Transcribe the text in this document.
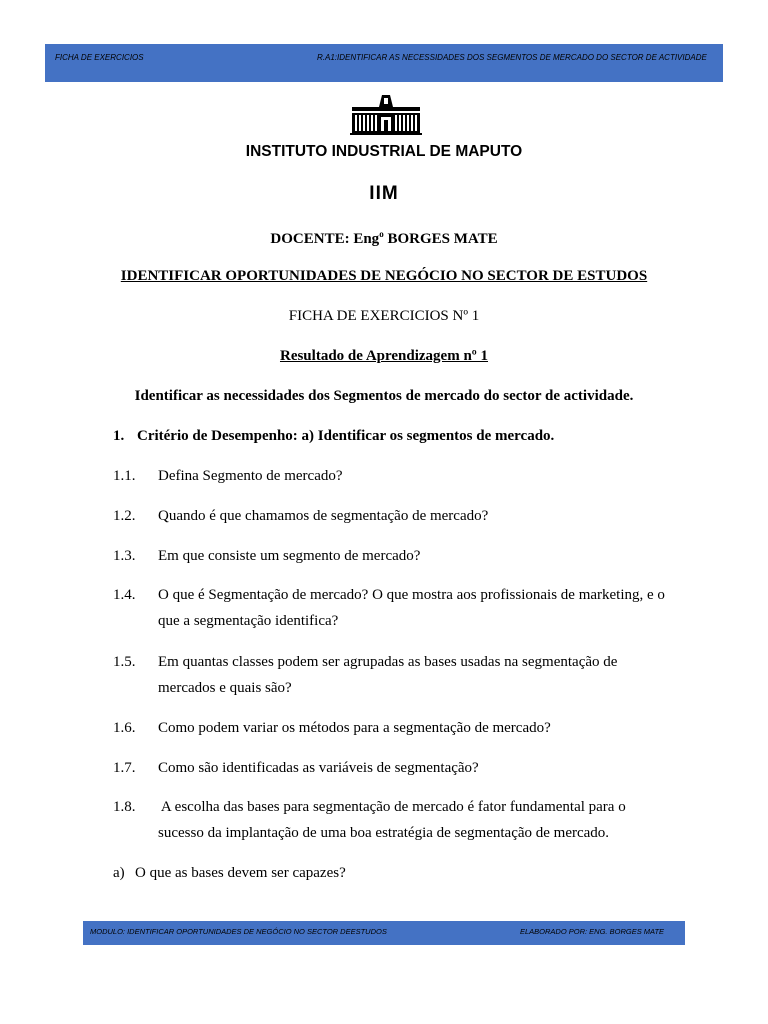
FICHA DE EXERCICIOS	R.A1:IDENTIFICAR AS NECESSIDADES DOS SEGMENTOS DE MERCADO DO SECTOR DE ACTIVIDADE
INSTITUTO INDUSTRIAL DE MAPUTO
IIM
DOCENTE: Eng$^o$ BORGES MATE
IDENTIFICAR OPORTUNIDADES DE NEGÓCIO NO SECTOR DE ESTUDOS
FICHA DE EXERCICIOS Nº 1
Resultado de Aprendizagem nº 1
Identificar as necessidades dos Segmentos de mercado do sector de actividade.
1. Critério de Desempenho: a) Identificar os segmentos de mercado.
1.1. Defina Segmento de mercado?
1.2. Quando é que chamamos de segmentação de mercado?
1.3. Em que consiste um segmento de mercado?
1.4. O que é Segmentação de mercado? O que mostra aos profissionais de marketing, e o
que a segmentação identifica?
1.5. Em quantas classes podem ser agrupadas as bases usadas na segmentação de
mercados e quais são?
1.6. Como podem variar os métodos para a segmentação de mercado?
1.7. Como são identificadas as variáveis de segmentação?
1.8. A escolha das bases para segmentação de mercado é fator fundamental para o
sucesso da implantação de uma boa estratégia de segmentação de mercado.
a) O que as bases devem ser capazes?
MODULO: IDENTIFICAR OPORTUNIDADES DE NEGÓCIO NO SECTOR DEESTUDOS	ELABORADO POR: ENG. BORGES MATE
